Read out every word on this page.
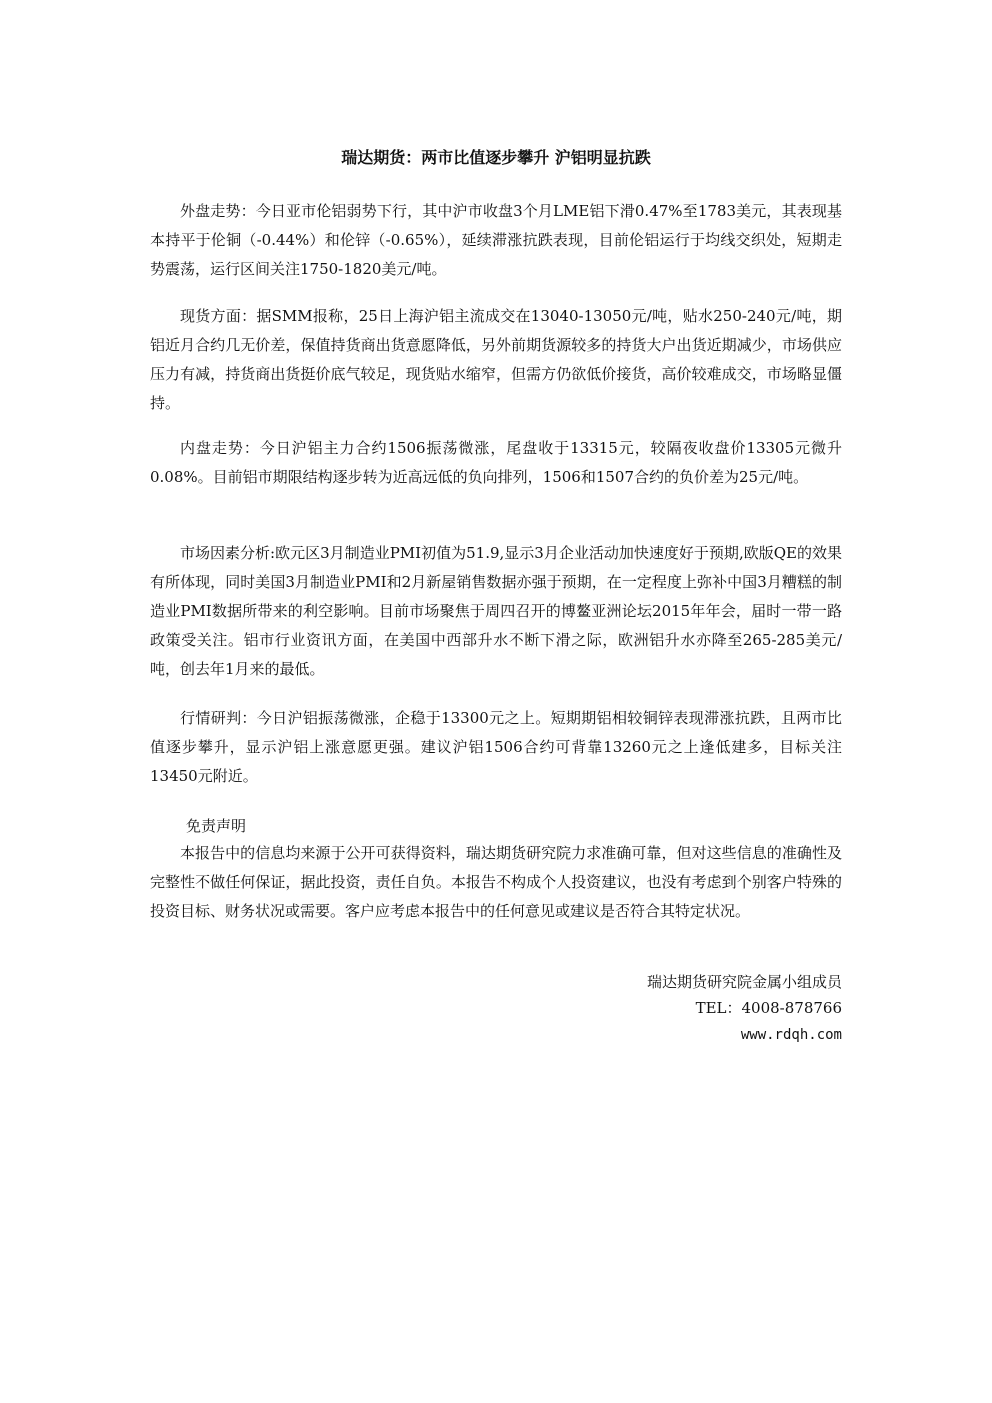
瑞达期货：两市比值逐步攀升 沪铝明显抗跌

外盘走势：今日亚市伦铝弱势下行，其中沪市收盘3个月LME铝下滑0.47%至1783美元，其表现基本持平于伦铜（-0.44%）和伦锌（-0.65%），延续滞涨抗跌表现，目前伦铝运行于均线交织处，短期走势震荡，运行区间关注1750-1820美元/吨。

现货方面：据SMM报称，25日上海沪铝主流成交在13040-13050元/吨，贴水250-240元/吨，期铝近月合约几无价差，保值持货商出货意愿降低，另外前期货源较多的持货大户出货近期减少，市场供应压力有减，持货商出货挺价底气较足，现货贴水缩窄，但需方仍欲低价接货，高价较难成交，市场略显僵持。

内盘走势：今日沪铝主力合约1506振荡微涨，尾盘收于13315元，较隔夜收盘价13305元微升0.08%。目前铝市期限结构逐步转为近高远低的负向排列，1506和1507合约的负价差为25元/吨。

市场因素分析:欧元区3月制造业PMI初值为51.9,显示3月企业活动加快速度好于预期,欧版QE的效果有所体现，同时美国3月制造业PMI和2月新屋销售数据亦强于预期，在一定程度上弥补中国3月糟糕的制造业PMI数据所带来的利空影响。目前市场聚焦于周四召开的博鳌亚洲论坛2015年年会，届时一带一路政策受关注。铝市行业资讯方面，在美国中西部升水不断下滑之际，欧洲铝升水亦降至265-285美元/吨，创去年1月来的最低。

行情研判：今日沪铝振荡微涨，企稳于13300元之上。短期期铝相较铜锌表现滞涨抗跌，且两市比值逐步攀升，显示沪铝上涨意愿更强。建议沪铝1506合约可背靠13260元之上逢低建多，目标关注13450元附近。

免责声明

本报告中的信息均来源于公开可获得资料，瑞达期货研究院力求准确可靠，但对这些信息的准确性及完整性不做任何保证，据此投资，责任自负。本报告不构成个人投资建议，也没有考虑到个别客户特殊的投资目标、财务状况或需要。客户应考虑本报告中的任何意见或建议是否符合其特定状况。

瑞达期货研究院金属小组成员
TEL：4008-878766
www.rdqh.com
